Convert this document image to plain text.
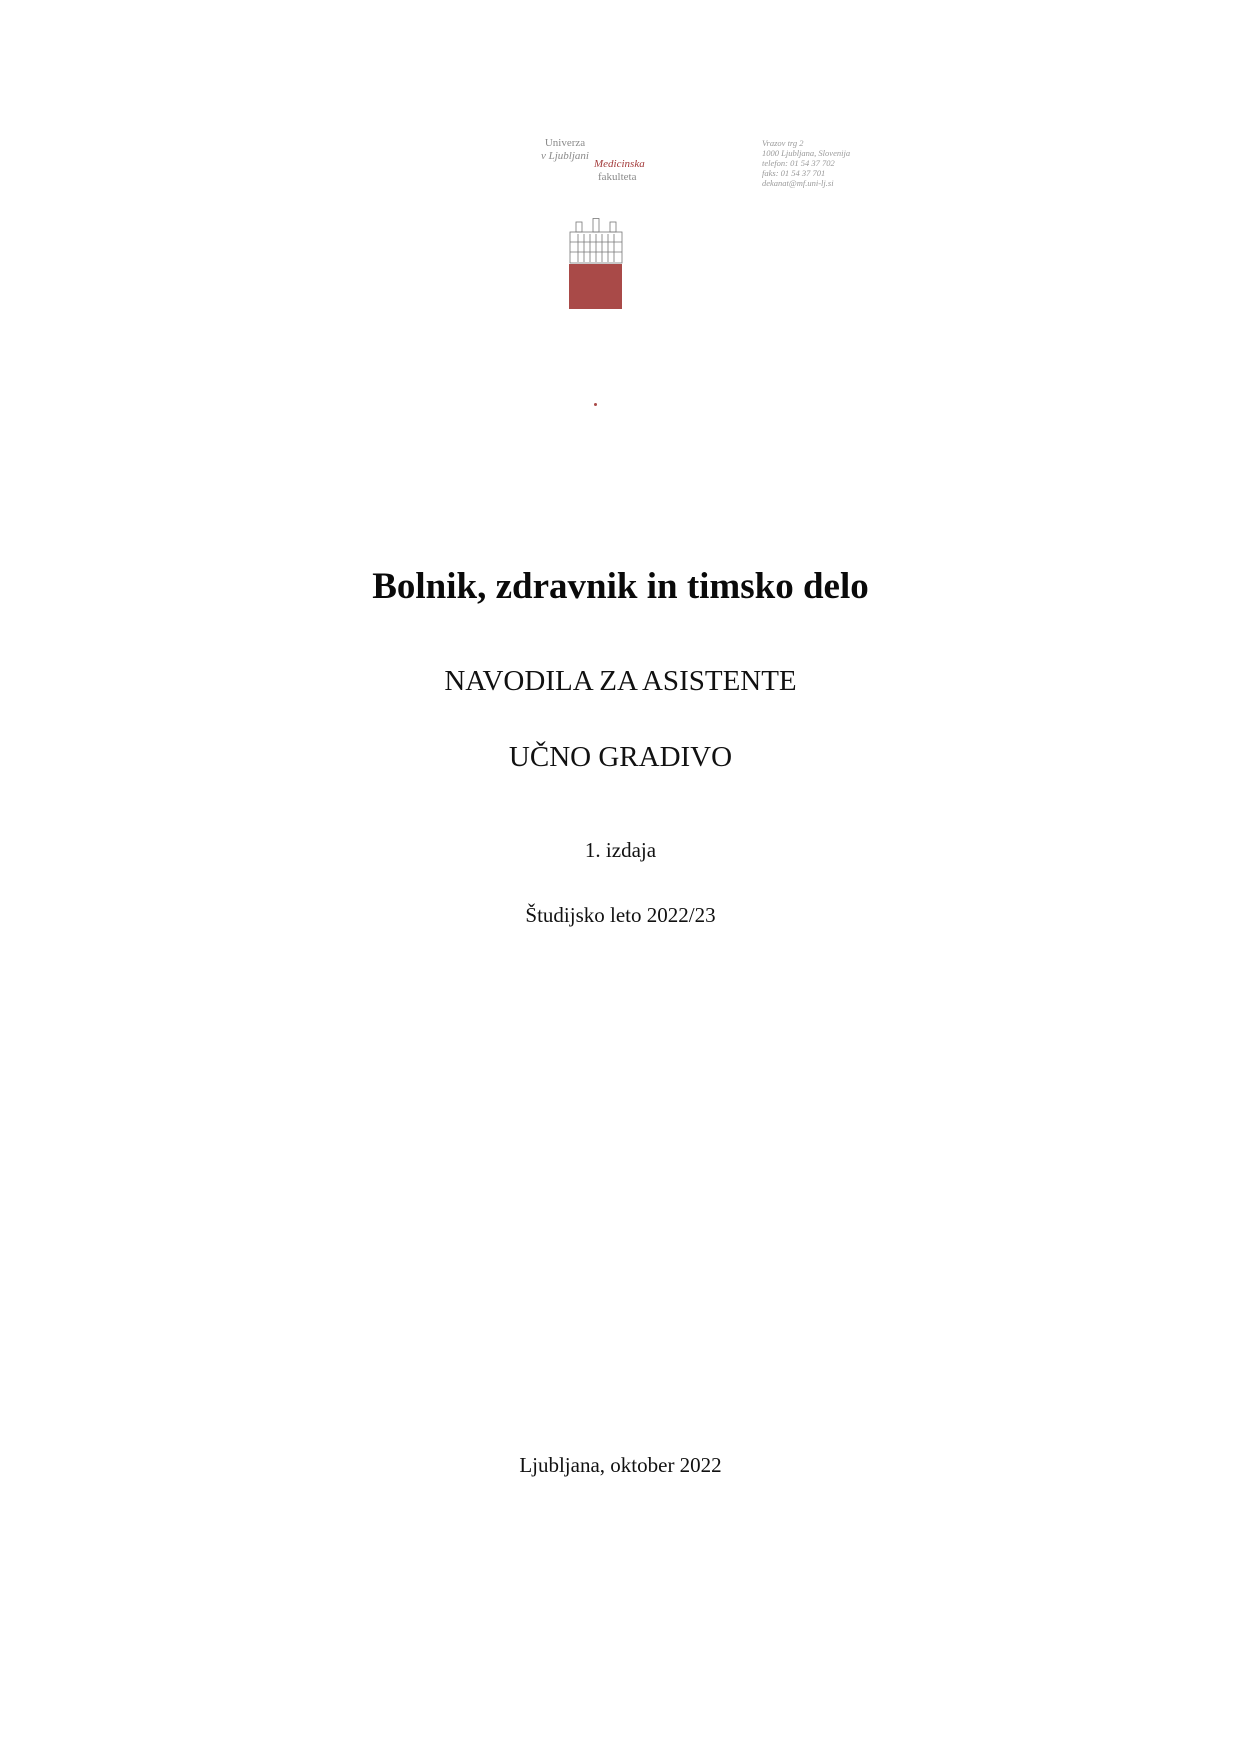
Univerza
v Ljubljani
Medicinska
fakulteta
Vrazov trg 2
1000 Ljubljana, Slovenija
telefon: 01 54 37 702
faks: 01 54 37 701
dekanat@mf.uni-lj.si
Bolnik, zdravnik in timsko delo
NAVODILA ZA ASISTENTE
UČNO GRADIVO
1. izdaja
Študijsko leto 2022/23
Ljubljana, oktober 2022
